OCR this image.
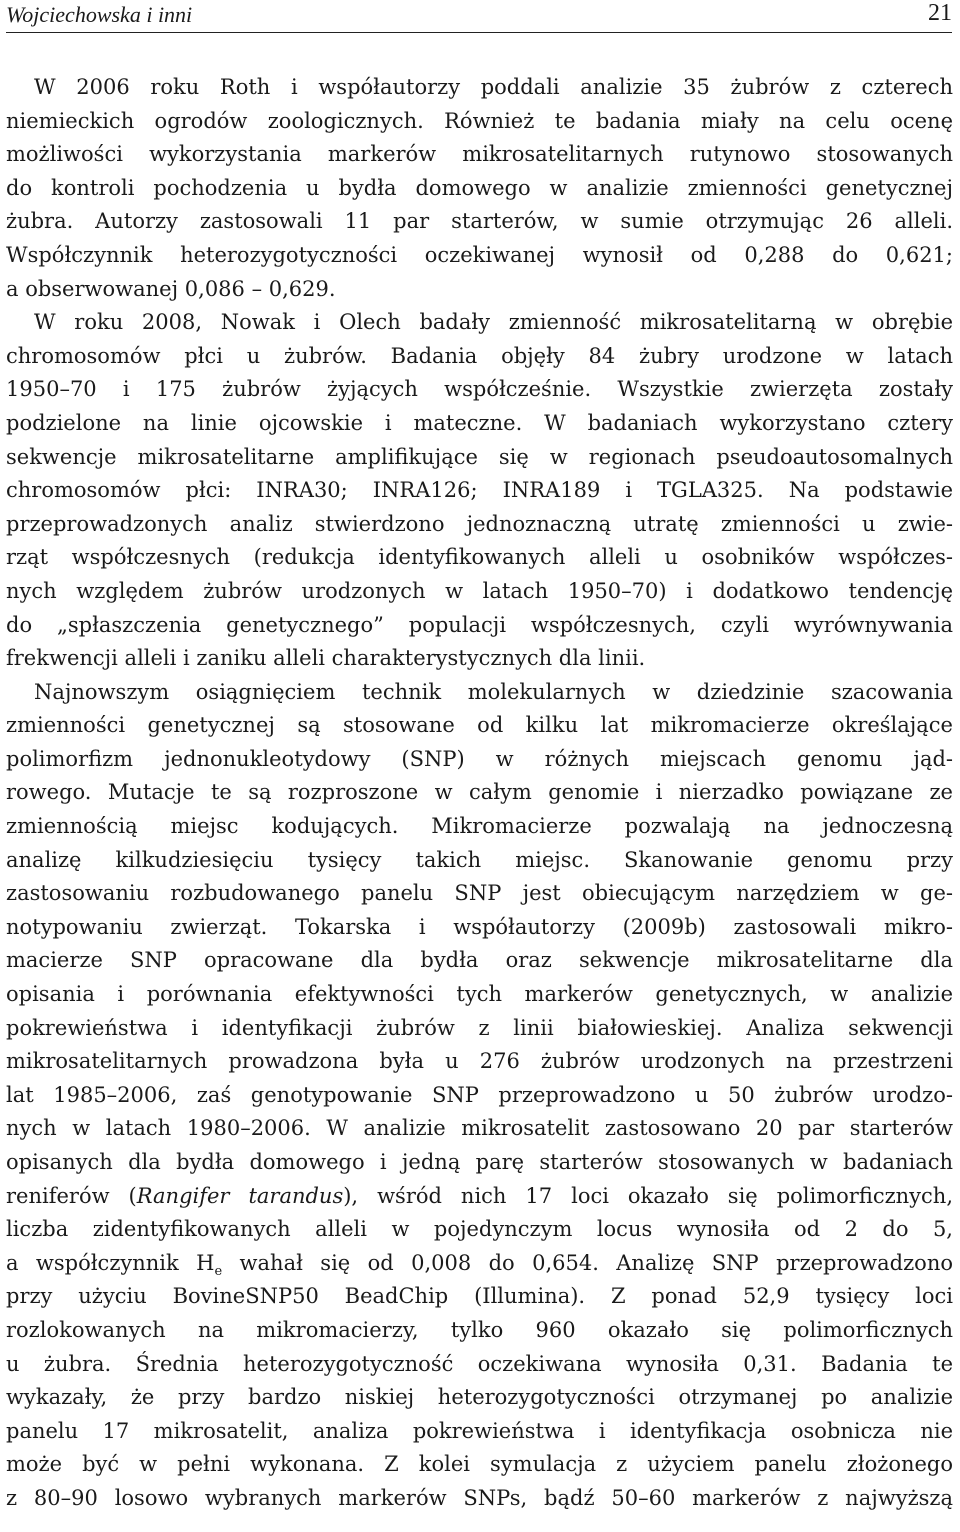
Wojciechowska i inni	21
W 2006 roku Roth i współautorzy poddali analizie 35 żubrów z czterech
niemieckich ogrodów zoologicznych. Również te badania miały na celu ocenę
możliwości wykorzystania markerów mikrosatelitarnych rutynowo stosowanych
do kontroli pochodzenia u bydła domowego w analizie zmienności genetycznej
żubra. Autorzy zastosowali 11 par starterów, w sumie otrzymując 26 alleli.
Współczynnik heterozygotyczności oczekiwanej wynosił od 0,288 do 0,621;
a obserwowanej 0,086 – 0,629.
W roku 2008, Nowak i Olech badały zmienność mikrosatelitarną w obrębie
chromosomów płci u żubrów. Badania objęły 84 żubry urodzone w latach
1950–70 i 175 żubrów żyjących współcześnie. Wszystkie zwierzęta zostały
podzielone na linie ojcowskie i mateczne. W badaniach wykorzystano cztery
sekwencje mikrosatelitarne amplifikujące się w regionach pseudoautosomalnych
chromosomów płci: INRA30; INRA126; INRA189 i TGLA325. Na podstawie
przeprowadzonych analiz stwierdzono jednoznaczną utratę zmienności u zwie-
rząt współczesnych (redukcja identyfikowanych alleli u osobników współczes-
nych względem żubrów urodzonych w latach 1950–70) i dodatkowo tendencję
do „spłaszczenia genetycznego” populacji współczesnych, czyli wyrównywania
frekwencji alleli i zaniku alleli charakterystycznych dla linii.
Najnowszym osiągnięciem technik molekularnych w dziedzinie szacowania
zmienności genetycznej są stosowane od kilku lat mikromacierze określające
polimorfizm jednonukleotydowy (SNP) w różnych miejscach genomu jąd-
rowego. Mutacje te są rozproszone w całym genomie i nierzadko powiązane ze
zmiennością miejsc kodujących. Mikromacierze pozwalają na jednoczesną
analizę kilkudziesięciu tysięcy takich miejsc. Skanowanie genomu przy
zastosowaniu rozbudowanego panelu SNP jest obiecującym narzędziem w ge-
notypowaniu zwierząt. Tokarska i współautorzy (2009b) zastosowali mikro-
macierze SNP opracowane dla bydła oraz sekwencje mikrosatelitarne dla
opisania i porównania efektywności tych markerów genetycznych, w analizie
pokrewieństwa i identyfikacji żubrów z linii białowieskiej. Analiza sekwencji
mikrosatelitarnych prowadzona była u 276 żubrów urodzonych na przestrzeni
lat 1985–2006, zaś genotypowanie SNP przeprowadzono u 50 żubrów urodzo-
nych w latach 1980–2006. W analizie mikrosatelit zastosowano 20 par starterów
opisanych dla bydła domowego i jedną parę starterów stosowanych w badaniach
reniferów (Rangifer tarandus), wśród nich 17 loci okazało się polimorficznych,
liczba zidentyfikowanych alleli w pojedynczym locus wynosiła od 2 do 5,
a współczynnik $H_e$ wahał się od 0,008 do 0,654. Analizę SNP przeprowadzono
przy użyciu BovineSNP50 BeadChip (Illumina). Z ponad 52,9 tysięcy loci
rozlokowanych na mikromacierzy, tylko 960 okazało się polimorficznych
u żubra. Średnia heterozygotyczność oczekiwana wynosiła 0,31. Badania te
wykazały, że przy bardzo niskiej heterozygotyczności otrzymanej po analizie
panelu 17 mikrosatelit, analiza pokrewieństwa i identyfikacja osobnicza nie
może być w pełni wykonana. Z kolei symulacja z użyciem panelu złożonego
z 80–90 losowo wybranych markerów SNPs, bądź 50–60 markerów z najwyższą
